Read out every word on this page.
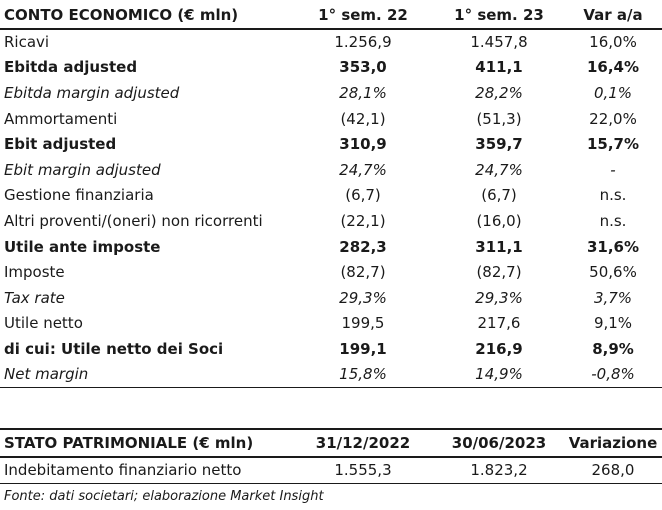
CONTO ECONOMICO (€ mln)	1° sem. 22	1° sem. 23	Var a/a
Ricavi	1.256,9	1.457,8	16,0%
Ebitda adjusted	353,0	411,1	16,4%
Ebitda margin adjusted	28,1%	28,2%	0,1%
Ammortamenti	(42,1)	(51,3)	22,0%
Ebit adjusted	310,9	359,7	15,7%
Ebit margin adjusted	24,7%	24,7%	-
Gestione finanziaria	(6,7)	(6,7)	n.s.
Altri proventi/(oneri) non ricorrenti	(22,1)	(16,0)	n.s.
Utile ante imposte	282,3	311,1	31,6%
Imposte	(82,7)	(82,7)	50,6%
Tax rate	29,3%	29,3%	3,7%
Utile netto	199,5	217,6	9,1%
di cui: Utile netto dei Soci	199,1	216,9	8,9%
Net margin	15,8%	14,9%	-0,8%
STATO PATRIMONIALE (€ mln)	31/12/2022	30/06/2023	Variazione
Indebitamento finanziario netto	1.555,3	1.823,2	268,0
Fonte: dati societari; elaborazione Market Insight
